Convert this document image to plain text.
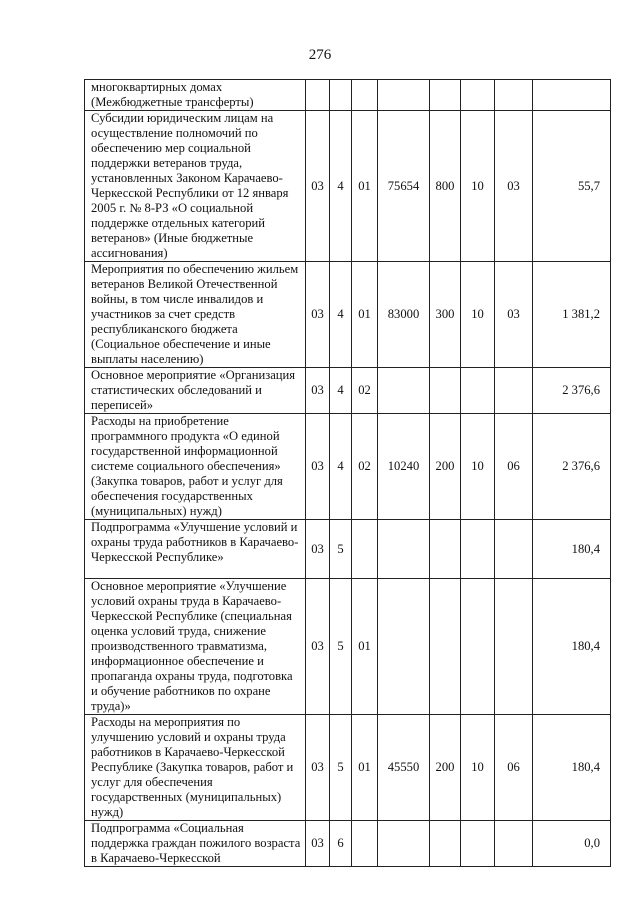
276
многоквартирных домах (Межбюджетные трансферты)								
Субсидии юридическим лицам на осуществление полномочий по обеспечению мер социальной поддержки ветеранов труда, установленных Законом Карачаево-Черкесской Республики от 12 января 2005 г. № 8-РЗ «О социальной поддержке отдельных категорий ветеранов» (Иные бюджетные ассигнования)	03	4	01	75654	800	10	03	55,7
Мероприятия по обеспечению жильем ветеранов Великой Отечественной войны, в том числе инвалидов и участников за счет средств республиканского бюджета (Социальное обеспечение и иные выплаты населению)	03	4	01	83000	300	10	03	1 381,2
Основное мероприятие «Организация статистических обследований и переписей»	03	4	02					2 376,6
Расходы на приобретение программного продукта «О единой государственной информационной системе социального обеспечения» (Закупка товаров, работ и услуг для обеспечения государственных (муниципальных) нужд)	03	4	02	10240	200	10	06	2 376,6
Подпрограмма «Улучшение условий и охраны труда работников в Карачаево-Черкесской Республике»	03	5						180,4
Основное мероприятие «Улучшение условий охраны труда в Карачаево-Черкесской Республике (специальная оценка условий труда, снижение производственного травматизма, информационное обеспечение и пропаганда охраны труда, подготовка и обучение работников по охране труда)»	03	5	01					180,4
Расходы на мероприятия по улучшению условий и охраны труда работников в Карачаево-Черкесской Республике (Закупка товаров, работ и услуг для обеспечения государственных (муниципальных) нужд)	03	5	01	45550	200	10	06	180,4
Подпрограмма «Социальная поддержка граждан пожилого возраста в Карачаево-Черкесской	03	6						0,0
